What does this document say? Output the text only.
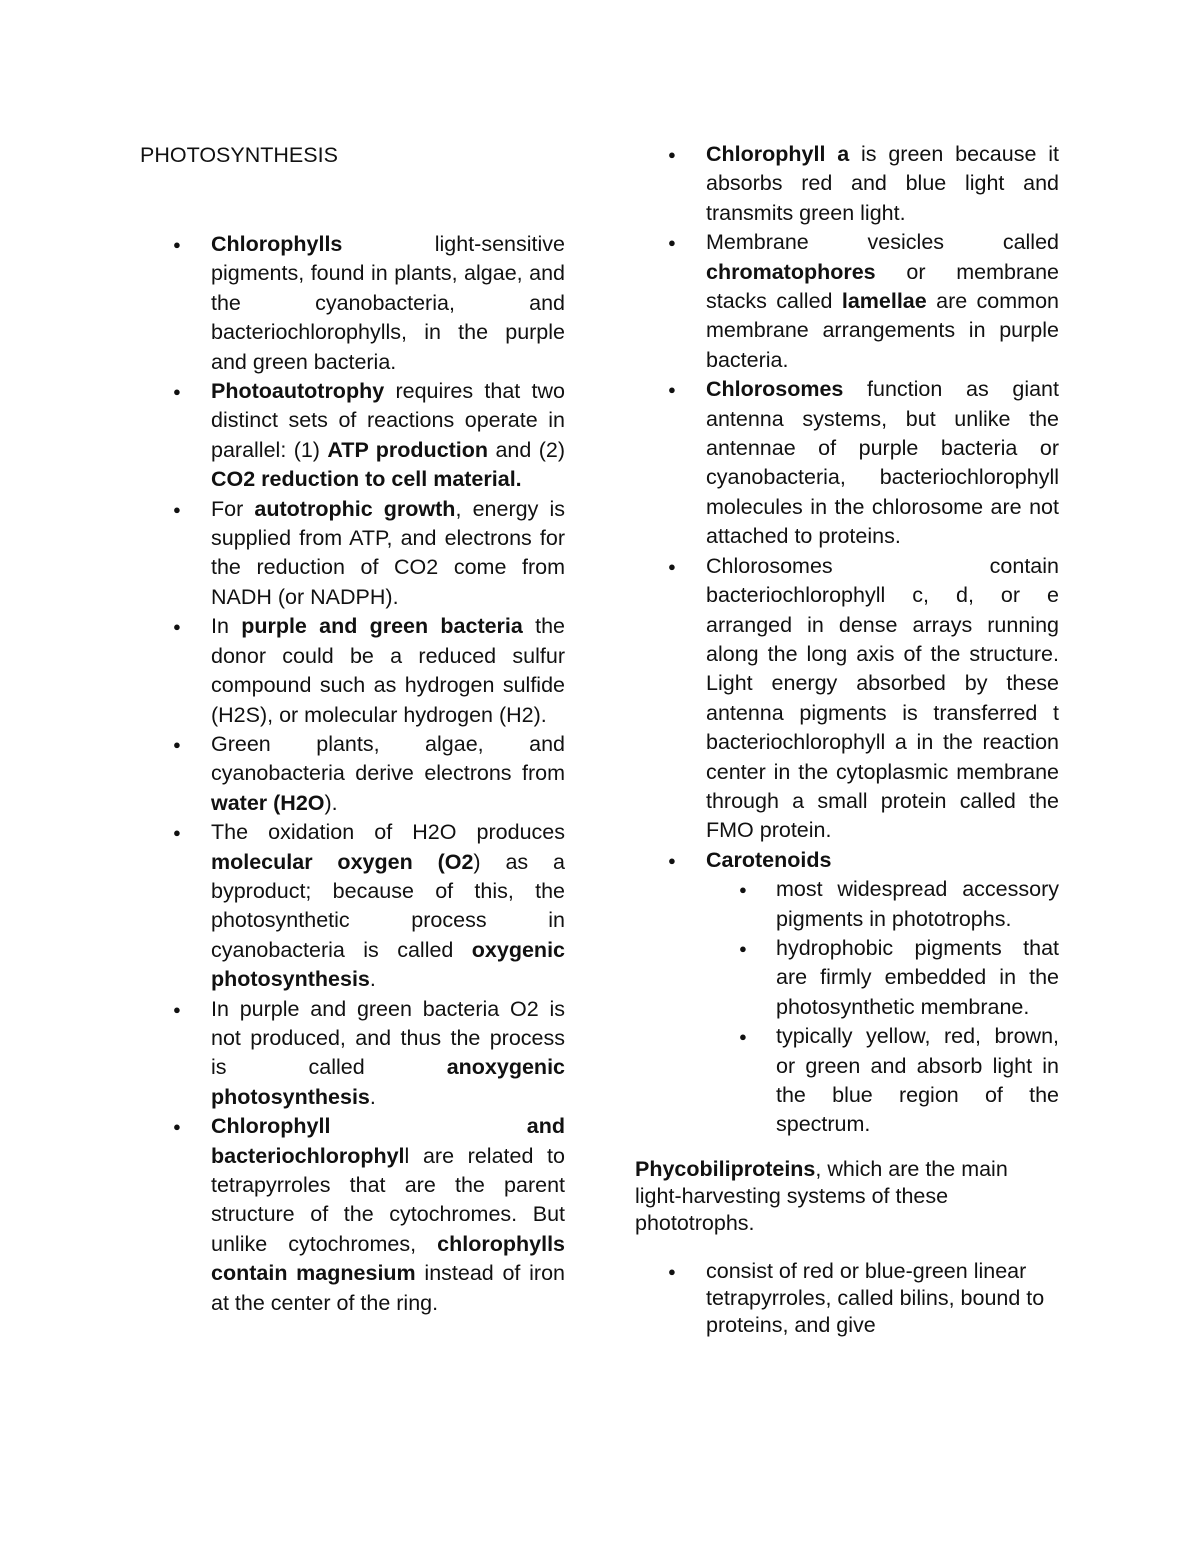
PHOTOSYNTHESIS
● Chlorophylls light-sensitive pigments, found in plants, algae, and the cyanobacteria, and bacteriochlorophylls, in the purple and green bacteria.
● Photoautotrophy requires that two distinct sets of reactions operate in parallel: (1) ATP production and (2) CO2 reduction to cell material.
● For autotrophic growth, energy is supplied from ATP, and electrons for the reduction of CO2 come from NADH (or NADPH).
● In purple and green bacteria the donor could be a reduced sulfur compound such as hydrogen sulfide (H2S), or molecular hydrogen (H2).
● Green plants, algae, and cyanobacteria derive electrons from water (H2O).
● The oxidation of H2O produces molecular oxygen (O2) as a byproduct; because of this, the photosynthetic process in cyanobacteria is called oxygenic photosynthesis.
● In purple and green bacteria O2 is not produced, and thus the process is called anoxygenic photosynthesis.
● Chlorophyll and bacteriochlorophyll are related to tetrapyrroles that are the parent structure of the cytochromes. But unlike cytochromes, chlorophylls contain magnesium instead of iron at the center of the ring.
● Chlorophyll a is green because it absorbs red and blue light and transmits green light.
● Membrane vesicles called chromatophores or membrane stacks called lamellae are common membrane arrangements in purple bacteria.
● Chlorosomes function as giant antenna systems, but unlike the antennae of purple bacteria or cyanobacteria, bacteriochlorophyll molecules in the chlorosome are not attached to proteins.
● Chlorosomes contain bacteriochlorophyll c, d, or e arranged in dense arrays running along the long axis of the structure. Light energy absorbed by these antenna pigments is transferred t bacteriochlorophyll a in the reaction center in the cytoplasmic membrane through a small protein called the FMO protein.
● Carotenoids
● most widespread accessory pigments in phototrophs.
● hydrophobic pigments that are firmly embedded in the photosynthetic membrane.
● typically yellow, red, brown, or green and absorb light in the blue region of the spectrum.

Phycobiliproteins, which are the main light-harvesting systems of these phototrophs.

● consist of red or blue-green linear tetrapyrroles, called bilins, bound to proteins, and give
